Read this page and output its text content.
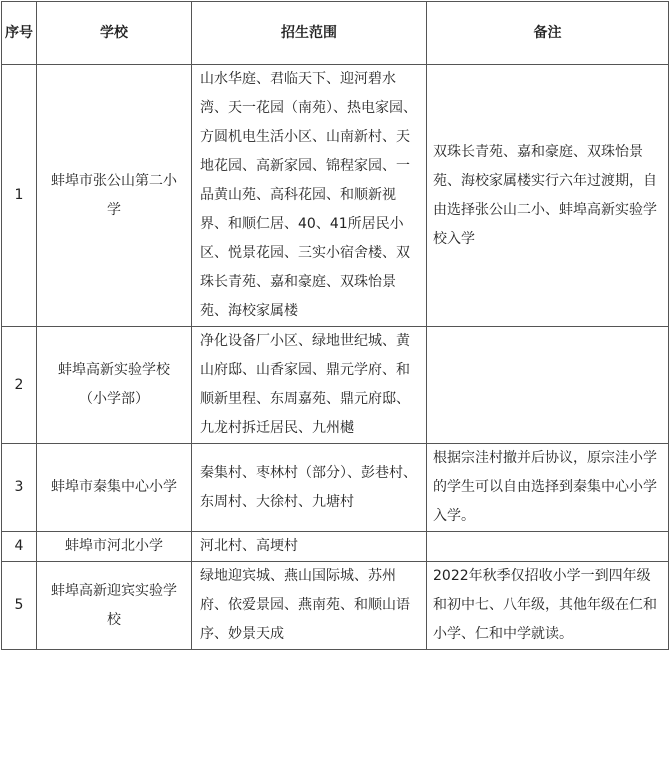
序号	学校	招生范围	备注
1	蚌埠市张公山第二小学	山水华庭、君临天下、迎河碧水湾、天一花园（南苑）、热电家园、方圆机电生活小区、山南新村、天地花园、高新家园、锦程家园、一品黄山苑、高科花园、和顺新视界、和顺仁居、40、41所居民小区、悦景花园、三实小宿舍楼、双珠长青苑、嘉和豪庭、双珠怡景苑、海校家属楼	双珠长青苑、嘉和豪庭、双珠怡景苑、海校家属楼实行六年过渡期，自由选择张公山二小、蚌埠高新实验学校入学
2	蚌埠高新实验学校（小学部）	净化设备厂小区、绿地世纪城、黄山府邸、山香家园、鼎元学府、和顺新里程、东周嘉苑、鼎元府邸、九龙村拆迁居民、九州樾	
3	蚌埠市秦集中心小学	秦集村、枣林村（部分）、彭巷村、东周村、大徐村、九塘村	根据宗洼村撤并后协议，原宗洼小学的学生可以自由选择到秦集中心小学入学。
4	蚌埠市河北小学	河北村、高埂村	
5	蚌埠高新迎宾实验学校	绿地迎宾城、燕山国际城、苏州府、依爱景园、燕南苑、和顺山语序、妙景天成	2022年秋季仅招收小学一到四年级和初中七、八年级，其他年级在仁和小学、仁和中学就读。
